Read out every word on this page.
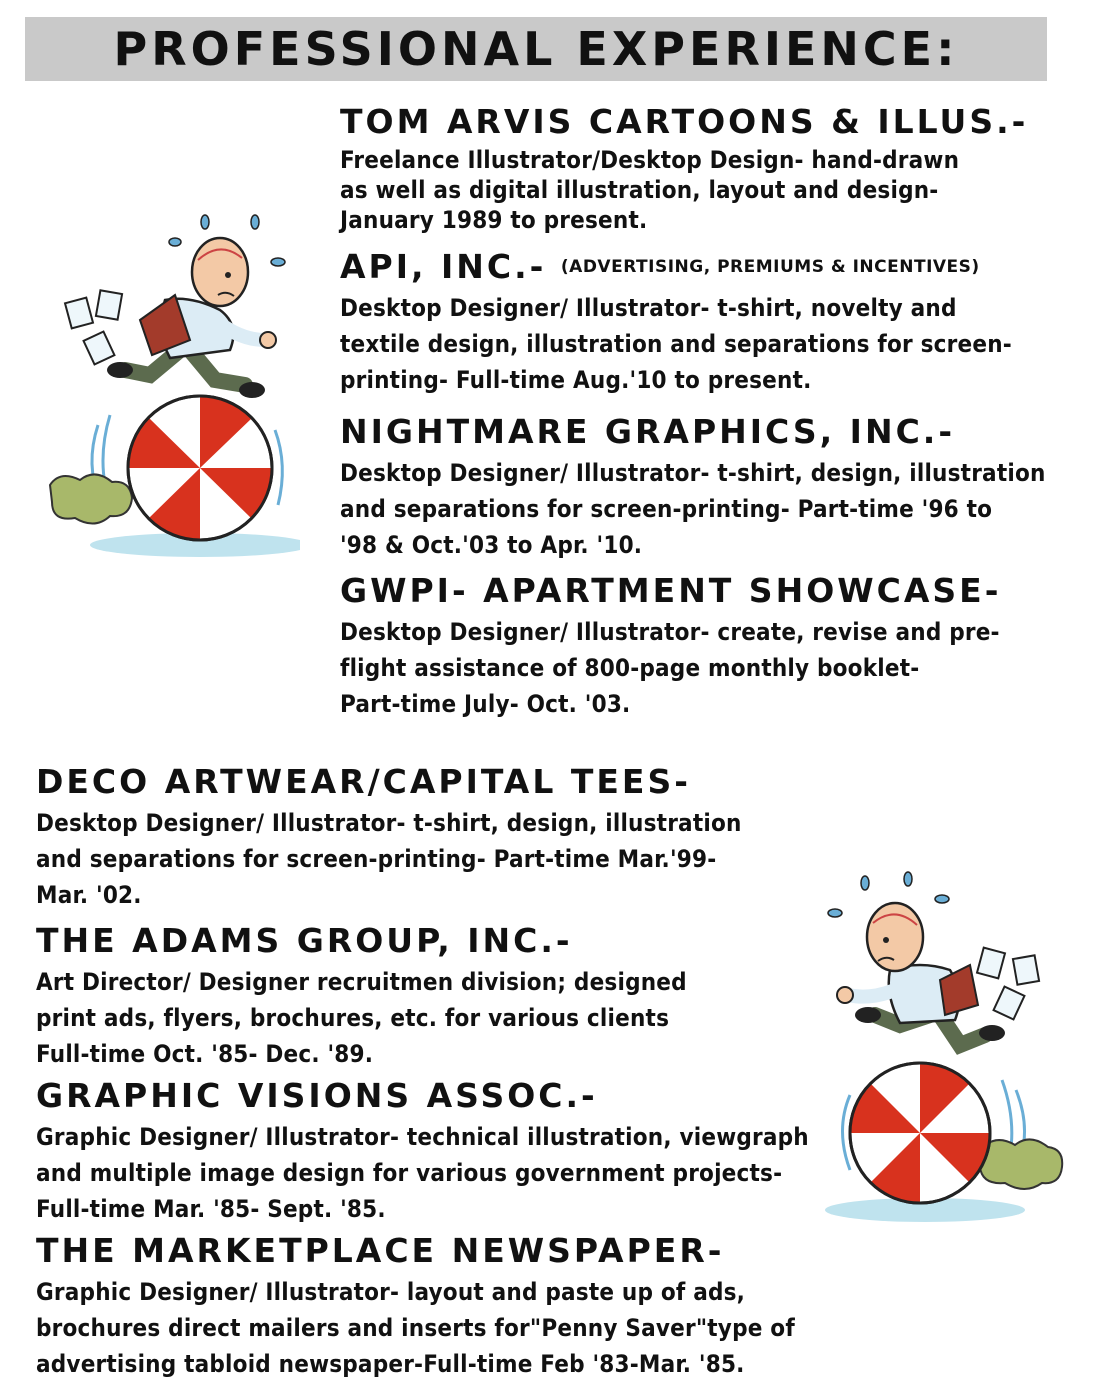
PROFESSIONAL EXPERIENCE:
TOM ARVIS CARTOONS & ILLUS.-

Freelance Illustrator/Desktop Design- hand-drawn

as well as digital illustration, layout and design-

January 1989 to present.

API, INC.- (ADVERTISING, PREMIUMS & INCENTIVES)

Desktop Designer/ Illustrator- t-shirt, novelty and

textile design, illustration and separations for screen-

printing- Full-time Aug.'10 to present.

NIGHTMARE GRAPHICS, INC.-

Desktop Designer/ Illustrator- t-shirt, design, illustration

and separations for screen-printing- Part-time '96 to

'98 & Oct.'03 to Apr. '10.

GWPI- APARTMENT SHOWCASE-

Desktop Designer/ Illustrator- create, revise and pre-

flight assistance of 800-page monthly booklet-

Part-time July- Oct. '03.

DECO ARTWEAR/CAPITAL TEES-

Desktop Designer/ Illustrator- t-shirt, design, illustration

and separations for screen-printing- Part-time Mar.'99-

Mar. '02.

THE ADAMS GROUP, INC.-

Art Director/ Designer recruitmen division; designed

print ads, flyers, brochures, etc. for various clients

Full-time Oct. '85- Dec. '89.

GRAPHIC VISIONS ASSOC.-

Graphic Designer/ Illustrator- technical illustration, viewgraph

and multiple image design for various government projects-

Full-time Mar. '85- Sept. '85.

THE MARKETPLACE NEWSPAPER-

Graphic Designer/ Illustrator- layout and paste up of ads,

brochures direct mailers and inserts for"Penny Saver"type of

advertising tabloid newspaper-Full-time Feb '83-Mar. '85.
